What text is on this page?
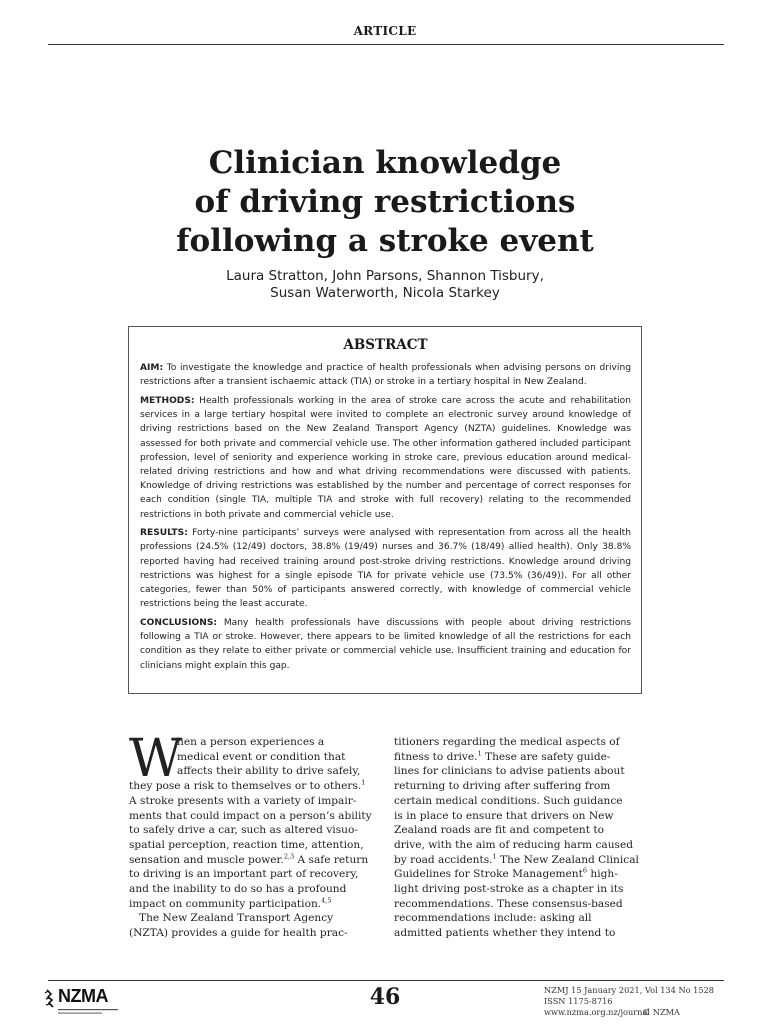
ARTICLE
Clinician knowledge
of driving restrictions
following a stroke event
Laura Stratton, John Parsons, Shannon Tisbury,
Susan Waterworth, Nicola Starkey
ABSTRACT

AIM: To investigate the knowledge and practice of health professionals when advising persons on driving restrictions after a transient ischaemic attack (TIA) or stroke in a tertiary hospital in New Zealand.

METHODS: Health professionals working in the area of stroke care across the acute and rehabilitation services in a large tertiary hospital were invited to complete an electronic survey around knowledge of driving restrictions based on the New Zealand Transport Agency (NZTA) guidelines. Knowledge was assessed for both private and commercial vehicle use. The other information gathered included participant profession, level of seniority and experience working in stroke care, previous education around medical-related driving restrictions and how and what driving recommendations were discussed with patients. Knowledge of driving restrictions was established by the number and percentage of correct responses for each condition (single TIA, multiple TIA and stroke with full recovery) relating to the recommended restrictions in both private and commercial vehicle use.

RESULTS: Forty-nine participants’ surveys were analysed with representation from across all the health professions (24.5% (12/49) doctors, 38.8% (19/49) nurses and 36.7% (18/49) allied health). Only 38.8% reported having had received training around post-stroke driving restrictions. Knowledge around driving restrictions was highest for a single episode TIA for private vehicle use (73.5% (36/49)). For all other categories, fewer than 50% of participants answered correctly, with knowledge of commercial vehicle restrictions being the least accurate.

CONCLUSIONS: Many health professionals have discussions with people about driving restrictions following a TIA or stroke. However, there appears to be limited knowledge of all the restrictions for each condition as they relate to either private or commercial vehicle use. Insufficient training and education for clinicians might explain this gap.

W
hen a person experiences a
medical event or condition that
affects their ability to drive safely,
they pose a risk to themselves or to others.$^1$
A stroke presents with a variety of impair-
ments that could impact on a person’s ability
to safely drive a car, such as altered visuo-
spatial perception, reaction time, attention,
sensation and muscle power.$^{2,3}$ A safe return
to driving is an important part of recovery,
and the inability to do so has a profound
impact on community participation.$^{4,5}$
The New Zealand Transport Agency
(NZTA) provides a guide for health prac-
titioners regarding the medical aspects of
fitness to drive.$^1$ These are safety guide-
lines for clinicians to advise patients about
returning to driving after suffering from
certain medical conditions. Such guidance
is in place to ensure that drivers on New
Zealand roads are fit and competent to
drive, with the aim of reducing harm caused
by road accidents.$^1$ The New Zealand Clinical
Guidelines for Stroke Management$^6$ high-
light driving post-stroke as a chapter in its
recommendations. These consensus-based
recommendations include: asking all
admitted patients whether they intend to
NZMA	46	NZMJ 15 January 2021, Vol 134 No 1528
ISSN 1175-8716
© NZMA
www.nzma.org.nz/journal
